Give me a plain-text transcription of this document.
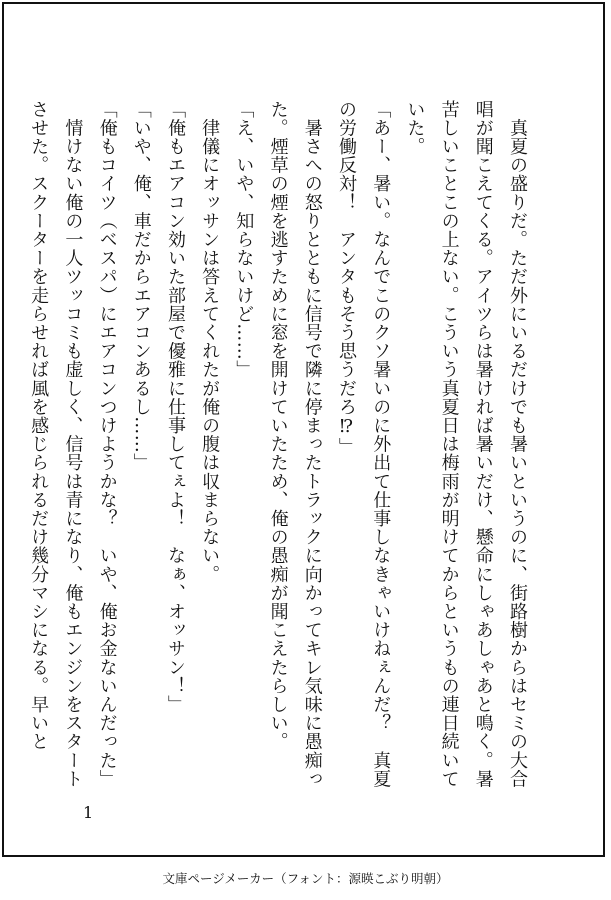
　真夏の盛りだ。ただ外にいるだけでも暑いというのに、街路樹からはセミの大合唱が聞こえてくる。アイツらは暑ければ暑いだけ、懸命にしゃあしゃあと鳴く。暑苦しいことこの上ない。こういう真夏日は梅雨が明けてからというもの連日続いていた。

「あー、暑い。なんでこのクソ暑いのに外出て仕事しなきゃいけねぇんだ？　真夏の労働反対！　アンタもそう思うだろ⁉」

　暑さへの怒りとともに信号で隣に停まったトラックに向かってキレ気味に愚痴った。煙草の煙を逃すために窓を開けていたため、俺の愚痴が聞こえたらしい。

「え、いや、知らないけど……」

　律儀にオッサンは答えてくれたが俺の腹は収まらない。

「俺もエアコン効いた部屋で優雅に仕事してぇよ！　なぁ、オッサン！」

「いや、俺、車だからエアコンあるし……」

「俺もコイツ（ベスパ）にエアコンつけようかな？　いや、俺お金ないんだった」

　情けない俺の一人ツッコミも虚しく、信号は青になり、俺もエンジンをスタートさせた。スクーターを走らせれば風を感じられるだけ幾分マシになる。早いと

1
文庫ページメーカー（フォント：源暎こぶり明朝）
